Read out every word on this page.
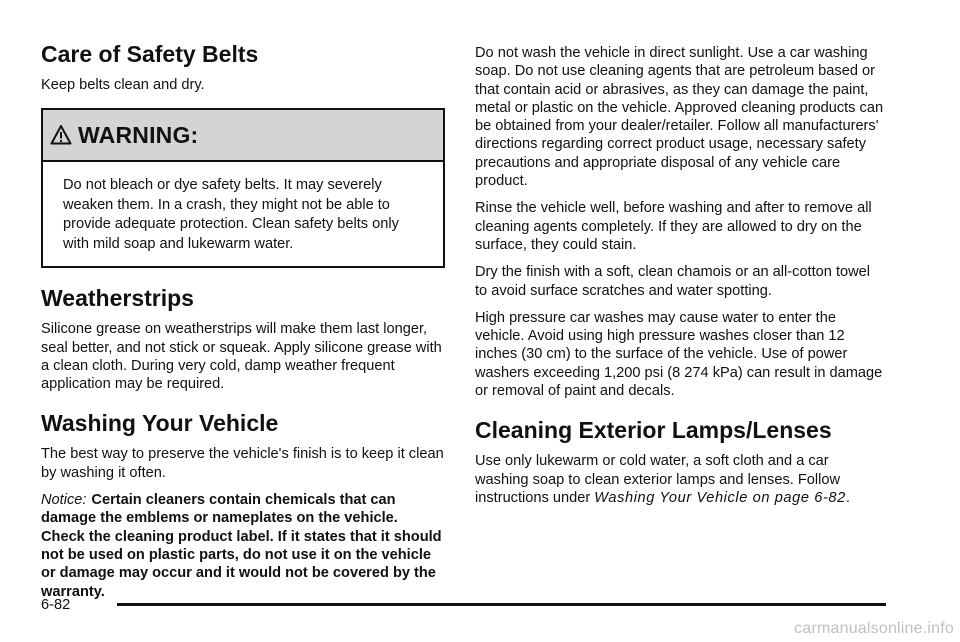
Care of Safety Belts

Keep belts clean and dry.

WARNING:

Do not bleach or dye safety belts. It may severely weaken them. In a crash, they might not be able to provide adequate protection. Clean safety belts only with mild soap and lukewarm water.

Weatherstrips

Silicone grease on weatherstrips will make them last longer, seal better, and not stick or squeak. Apply silicone grease with a clean cloth. During very cold, damp weather frequent application may be required.

Washing Your Vehicle

The best way to preserve the vehicle's finish is to keep it clean by washing it often.

Notice: Certain cleaners contain chemicals that can damage the emblems or nameplates on the vehicle. Check the cleaning product label. If it states that it should not be used on plastic parts, do not use it on the vehicle or damage may occur and it would not be covered by the warranty.

Do not wash the vehicle in direct sunlight. Use a car washing soap. Do not use cleaning agents that are petroleum based or that contain acid or abrasives, as they can damage the paint, metal or plastic on the vehicle. Approved cleaning products can be obtained from your dealer/retailer. Follow all manufacturers' directions regarding correct product usage, necessary safety precautions and appropriate disposal of any vehicle care product.

Rinse the vehicle well, before washing and after to remove all cleaning agents completely. If they are allowed to dry on the surface, they could stain.

Dry the finish with a soft, clean chamois or an all-cotton towel to avoid surface scratches and water spotting.

High pressure car washes may cause water to enter the vehicle. Avoid using high pressure washes closer than 12 inches (30 cm) to the surface of the vehicle. Use of power washers exceeding 1,200 psi (8 274 kPa) can result in damage or removal of paint and decals.

Cleaning Exterior Lamps/Lenses

Use only lukewarm or cold water, a soft cloth and a car washing soap to clean exterior lamps and lenses. Follow instructions under Washing Your Vehicle on page 6-82.

6-82
carmanualsonline.info
